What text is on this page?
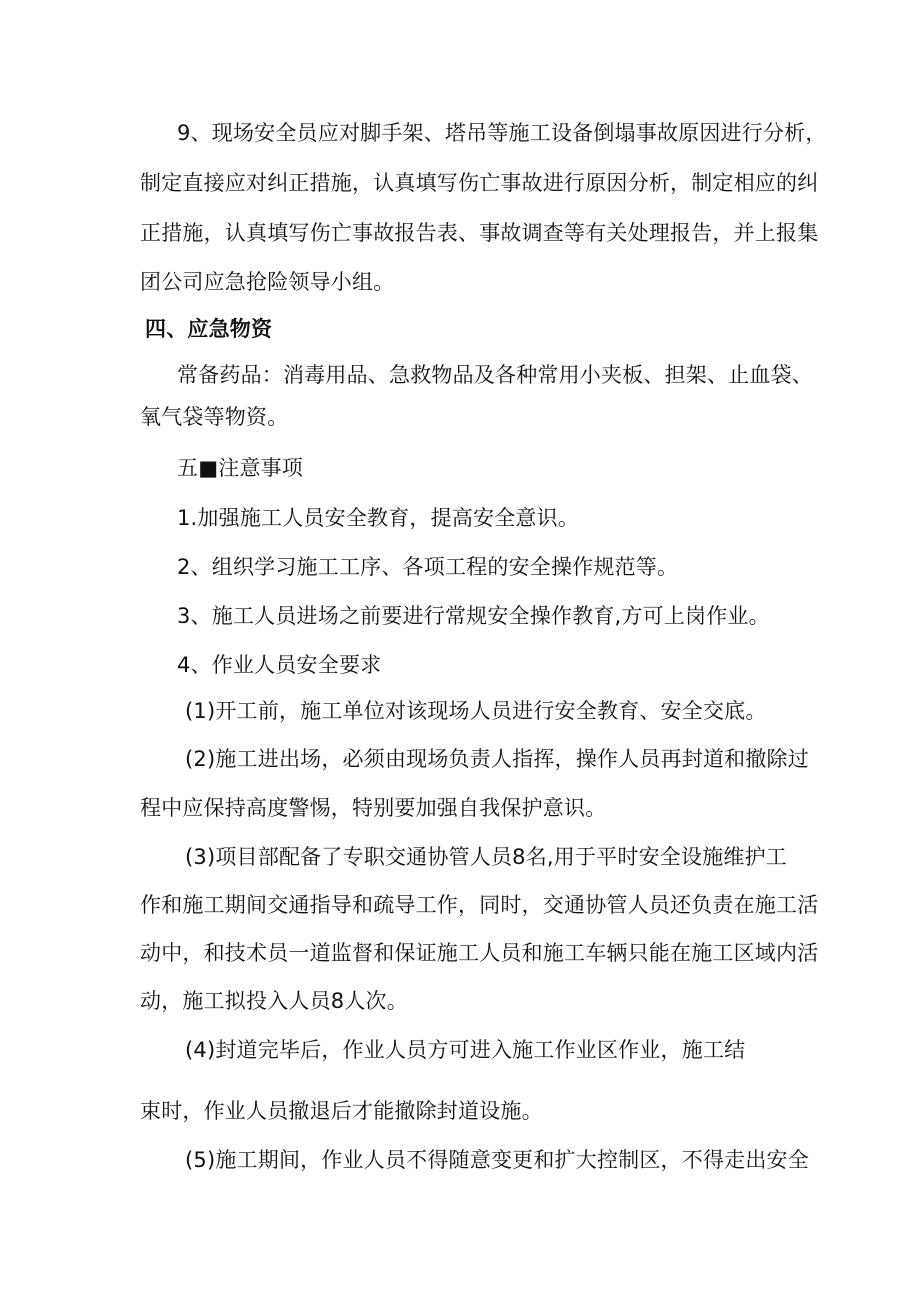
9、现场安全员应对脚手架、塔吊等施工设备倒塌事故原因进行分析，
制定直接应对纠正措施，认真填写伤亡事故进行原因分析，制定相应的纠
正措施，认真填写伤亡事故报告表、事故调查等有关处理报告，并上报集
团公司应急抢险领导小组。
四、应急物资
常备药品：消毒用品、急救物品及各种常用小夹板、担架、止血袋、
氧气袋等物资。
五■注意事项
1.加强施工人员安全教育，提高安全意识。
2、组织学习施工工序、各项工程的安全操作规范等。
3、施工人员进场之前要进行常规安全操作教育,方可上岗作业。
4、作业人员安全要求
(1)开工前，施工单位对该现场人员进行安全教育、安全交底。
(2)施工进出场，必须由现场负责人指挥，操作人员再封道和撤除过
程中应保持高度警惕，特别要加强自我保护意识。
(3)项目部配备了专职交通协管人员8名,用于平时安全设施维护工
作和施工期间交通指导和疏导工作，同时，交通协管人员还负责在施工活
动中，和技术员一道监督和保证施工人员和施工车辆只能在施工区域内活
动，施工拟投入人员8人次。
(4)封道完毕后，作业人员方可进入施工作业区作业，施工结
束时，作业人员撤退后才能撤除封道设施。
(5)施工期间，作业人员不得随意变更和扩大控制区，不得走出安全
